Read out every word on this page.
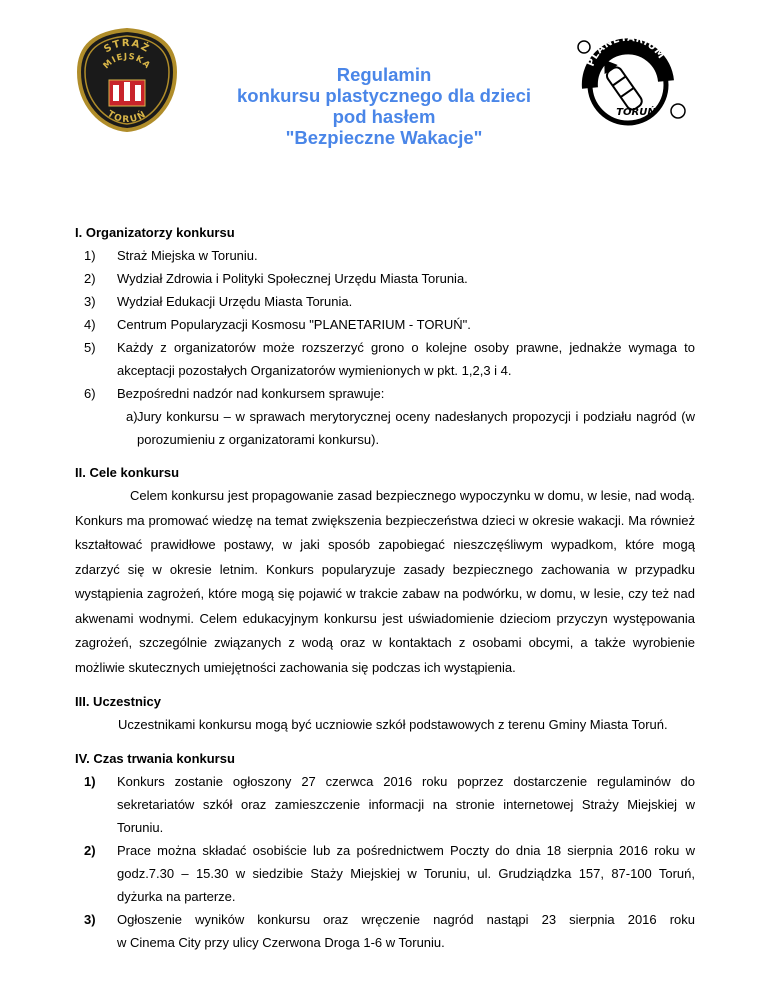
STRAŻ
MIEJSKA
TORUŃ
Regulamin
konkursu plastycznego dla dzieci
pod hasłem
"Bezpieczne Wakacje"
PLANETARIUM
TORUŃ
I. Organizatorzy konkursu
1) Straż Miejska w Toruniu.
2) Wydział Zdrowia i Polityki Społecznej Urzędu Miasta Torunia.
3) Wydział Edukacji Urzędu Miasta Torunia.
4) Centrum Popularyzacji Kosmosu "PLANETARIUM - TORUŃ".
5) Każdy z organizatorów może rozszerzyć grono o kolejne osoby prawne, jednakże wymaga to akceptacji pozostałych Organizatorów wymienionych w pkt. 1,2,3 i 4.
6) Bezpośredni nadzór nad konkursem sprawuje:
a) Jury konkursu – w sprawach merytorycznej oceny nadesłanych propozycji i podziału nagród (w porozumieniu z organizatorami konkursu).
II. Cele konkursu

Celem konkursu jest propagowanie zasad bezpiecznego wypoczynku w domu, w lesie, nad wodą. Konkurs ma promować wiedzę na temat zwiększenia bezpieczeństwa dzieci w okresie wakacji. Ma również kształtować prawidłowe postawy, w jaki sposób zapobiegać nieszczęśliwym wypadkom, które mogą zdarzyć się w okresie letnim. Konkurs popularyzuje zasady bezpiecznego zachowania w przypadku wystąpienia zagrożeń, które mogą się pojawić w trakcie zabaw na podwórku, w domu, w lesie, czy też nad akwenami wodnymi. Celem edukacyjnym konkursu jest uświadomienie dzieciom przyczyn występowania zagrożeń, szczególnie związanych z wodą oraz w kontaktach z osobami obcymi, a także wyrobienie możliwie skutecznych umiejętności zachowania się podczas ich wystąpienia.

III. Uczestnicy

Uczestnikami konkursu mogą być uczniowie szkół podstawowych z terenu Gminy Miasta Toruń.

IV. Czas trwania konkursu
1) Konkurs zostanie ogłoszony 27 czerwca 2016 roku poprzez dostarczenie regulaminów do sekretariatów szkół oraz zamieszczenie informacji na stronie internetowej Straży Miejskiej w Toruniu.
2) Prace można składać osobiście lub za pośrednictwem Poczty do dnia 18 sierpnia 2016 roku w godz.7.30 – 15.30 w siedzibie Staży Miejskiej w Toruniu, ul. Grudziądzka 157, 87-100 Toruń, dyżurka na parterze.
3) Ogłoszenie wyników konkursu oraz wręczenie nagród nastąpi 23 sierpnia 2016 roku
w Cinema City przy ulicy Czerwona Droga 1-6 w Toruniu.
